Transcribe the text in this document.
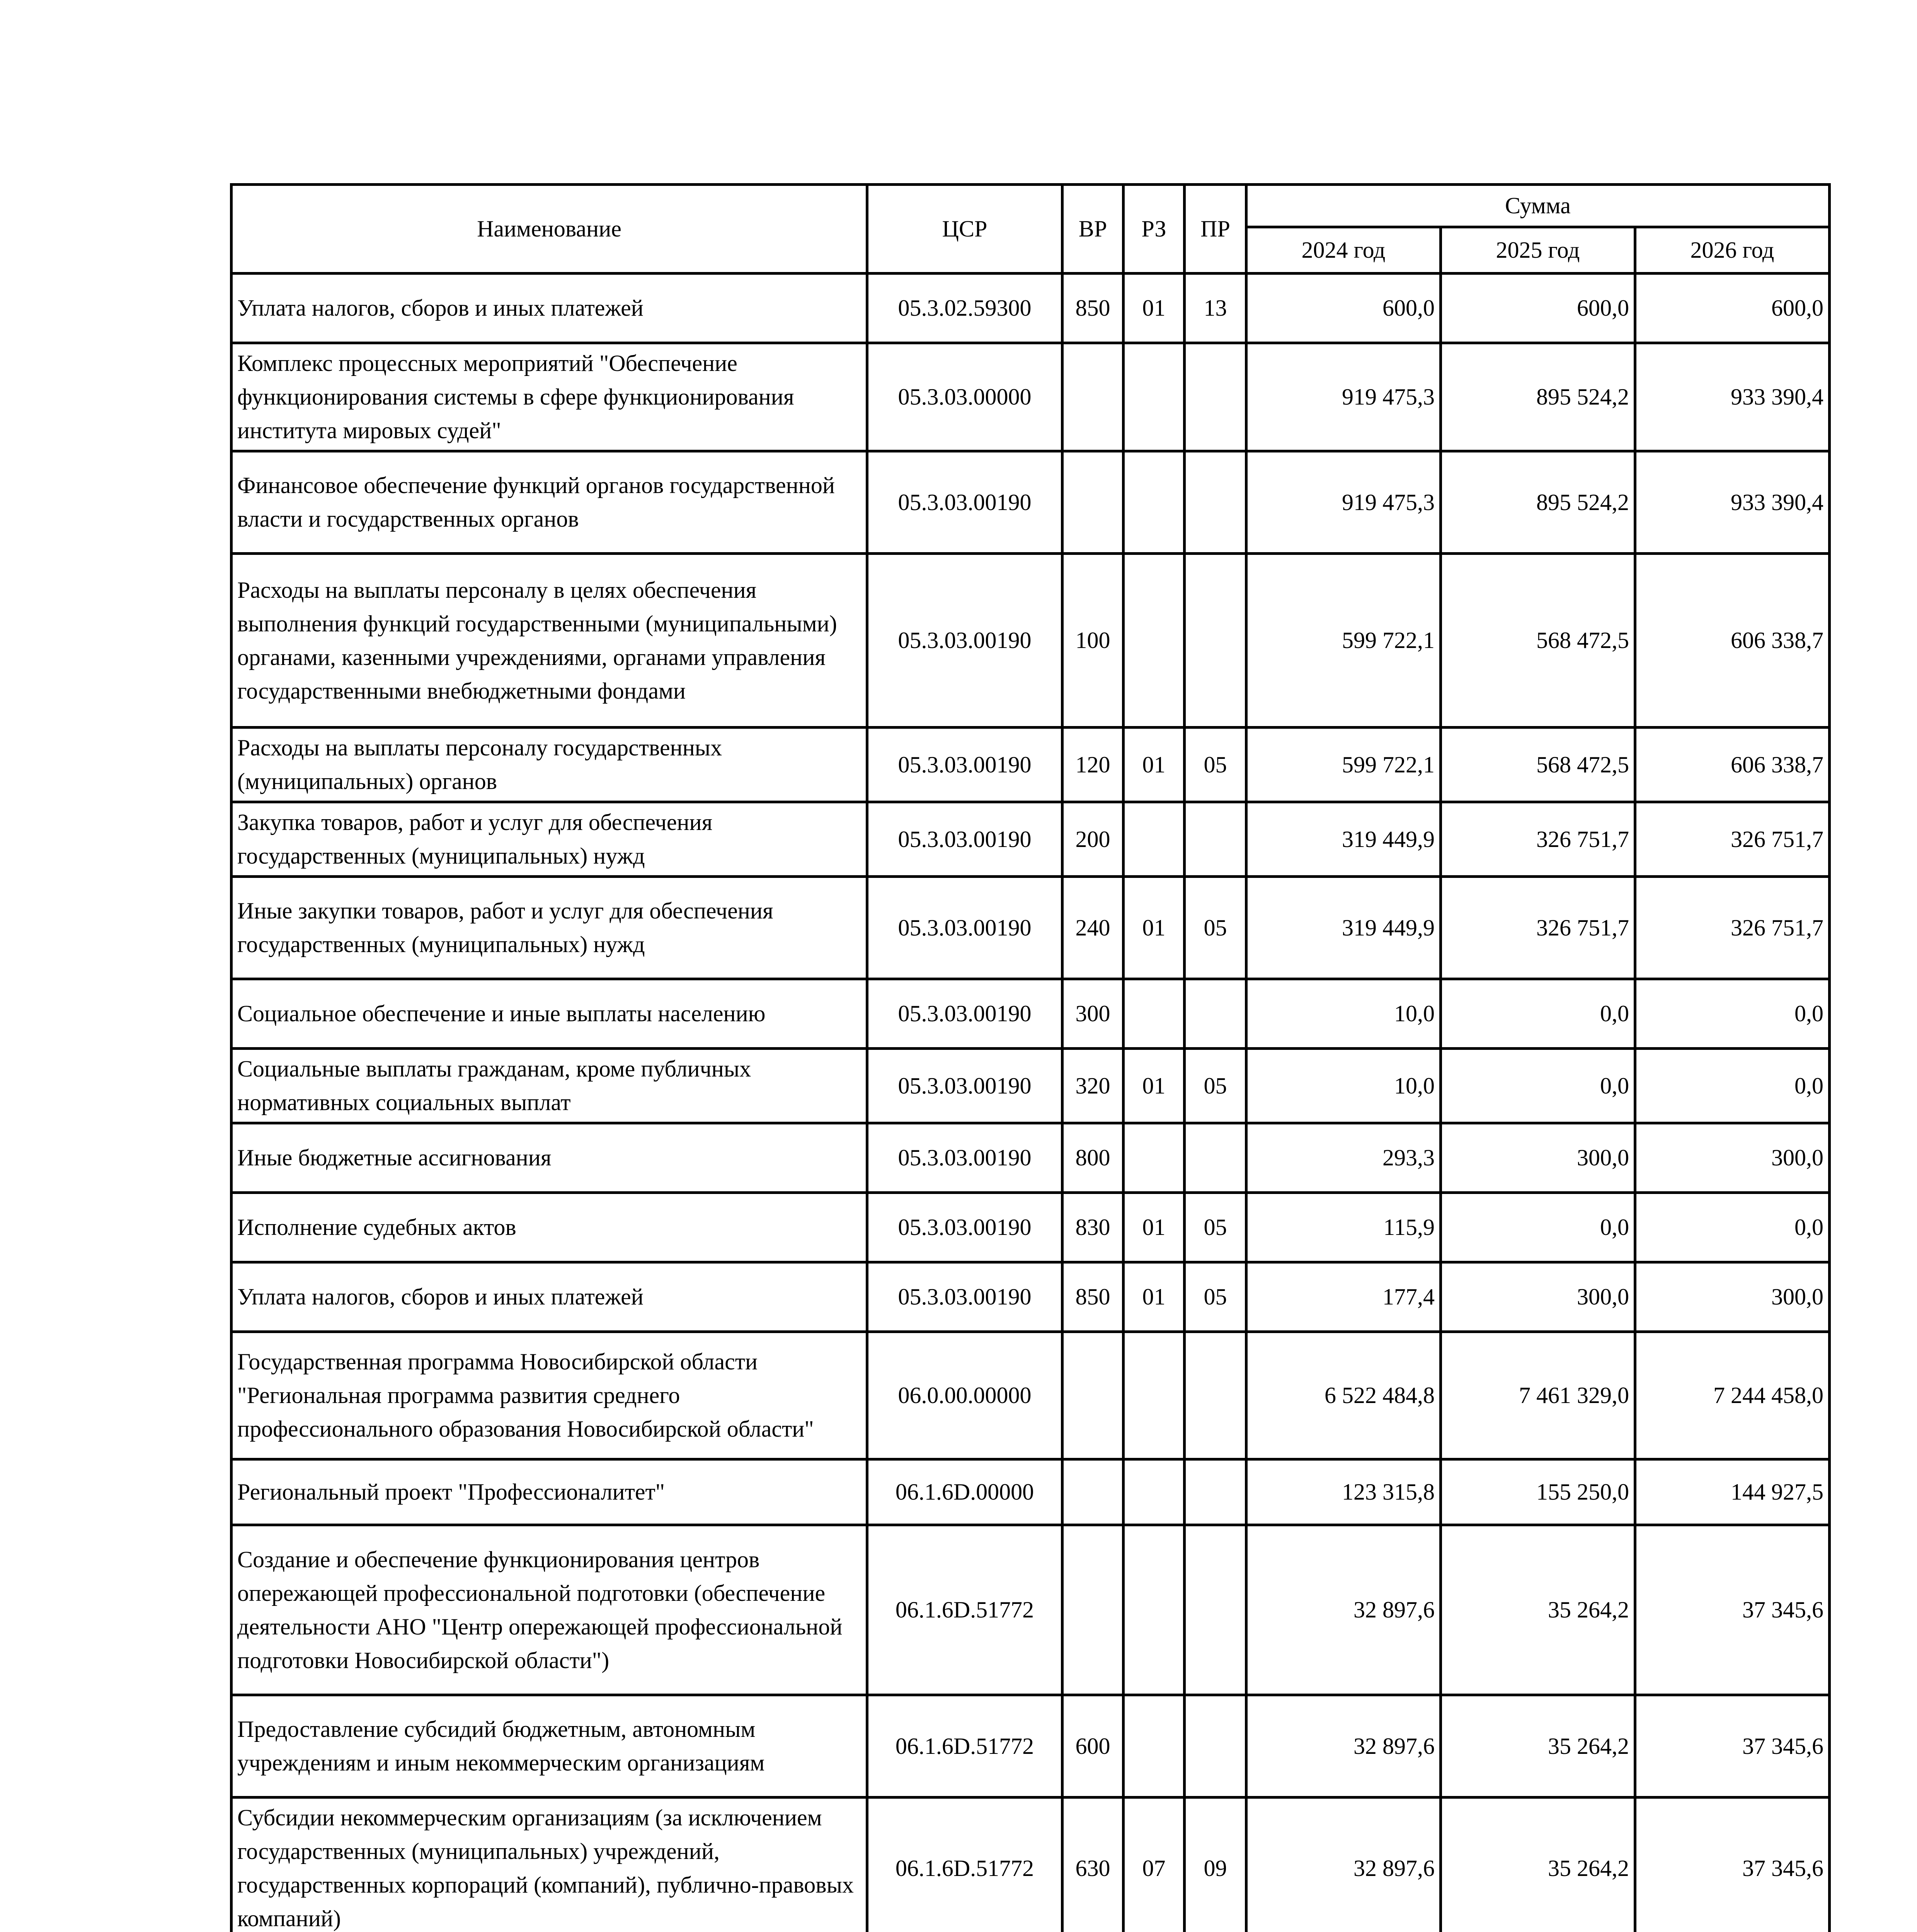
Наименование	ЦСР	ВР	РЗ	ПР	Сумма		
					2024 год	2025 год	2026 год
Уплата налогов, сборов и иных платежей	05.3.02.59300	850	01	13	600,0	600,0	600,0
Комплекс процессных мероприятий "Обеспечение функционирования системы в сфере функционирования института мировых судей"	05.3.03.00000				919 475,3	895 524,2	933 390,4
Финансовое обеспечение функций органов государственной власти и государственных органов	05.3.03.00190				919 475,3	895 524,2	933 390,4
Расходы на выплаты персоналу в целях обеспечения выполнения функций государственными (муниципальными) органами, казенными учреждениями, органами управления государственными внебюджетными фондами	05.3.03.00190	100			599 722,1	568 472,5	606 338,7
Расходы на выплаты персоналу государственных (муниципальных) органов	05.3.03.00190	120	01	05	599 722,1	568 472,5	606 338,7
Закупка товаров, работ и услуг для обеспечения государственных (муниципальных) нужд	05.3.03.00190	200			319 449,9	326 751,7	326 751,7
Иные закупки товаров, работ и услуг для обеспечения государственных (муниципальных) нужд	05.3.03.00190	240	01	05	319 449,9	326 751,7	326 751,7
Социальное обеспечение и иные выплаты населению	05.3.03.00190	300			10,0	0,0	0,0
Социальные выплаты гражданам, кроме публичных нормативных социальных выплат	05.3.03.00190	320	01	05	10,0	0,0	0,0
Иные бюджетные ассигнования	05.3.03.00190	800			293,3	300,0	300,0
Исполнение судебных актов	05.3.03.00190	830	01	05	115,9	0,0	0,0
Уплата налогов, сборов и иных платежей	05.3.03.00190	850	01	05	177,4	300,0	300,0
Государственная программа Новосибирской области "Региональная программа развития среднего профессионального образования Новосибирской области"	06.0.00.00000				6 522 484,8	7 461 329,0	7 244 458,0
Региональный проект "Профессионалитет"	06.1.6D.00000				123 315,8	155 250,0	144 927,5
Создание и обеспечение функционирования центров опережающей профессиональной подготовки (обеспечение деятельности АНО "Центр опережающей профессиональной подготовки Новосибирской области")	06.1.6D.51772				32 897,6	35 264,2	37 345,6
Предоставление субсидий бюджетным, автономным учреждениям и иным некоммерческим организациям	06.1.6D.51772	600			32 897,6	35 264,2	37 345,6
Субсидии некоммерческим организациям (за исключением государственных (муниципальных) учреждений, государственных корпораций (компаний), публично-правовых компаний)	06.1.6D.51772	630	07	09	32 897,6	35 264,2	37 345,6
